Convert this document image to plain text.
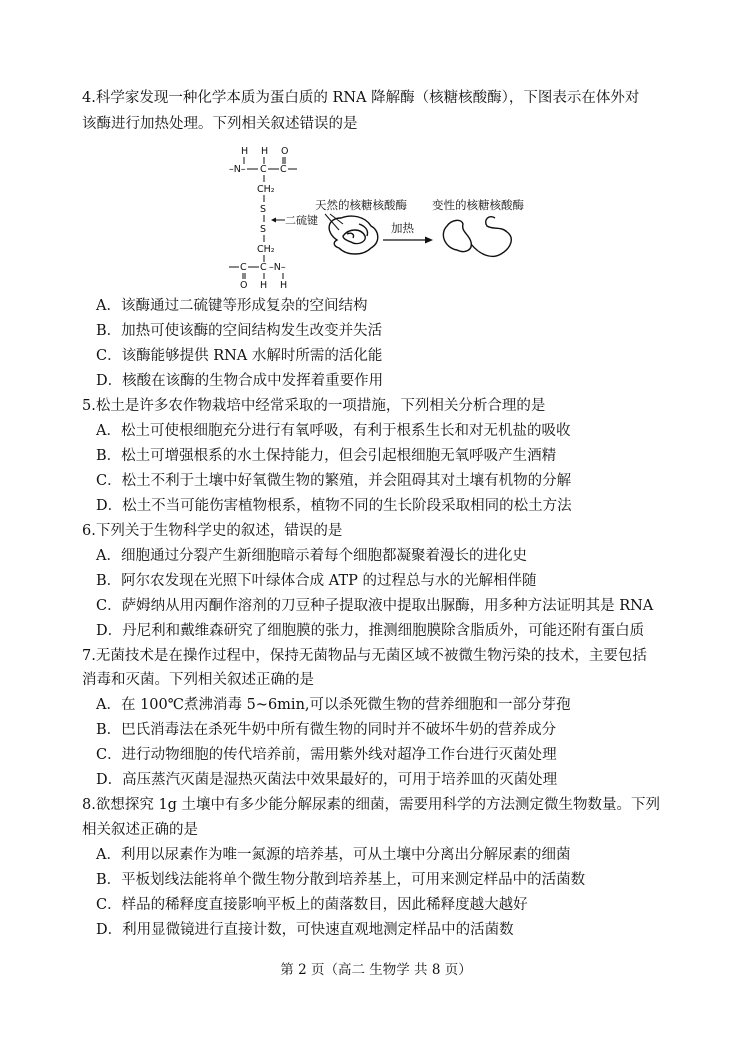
4.科学家发现一种化学本质为蛋白质的 RNA 降解酶（核糖核酸酶），下图表示在体外对
该酶进行加热处理。下列相关叙述错误的是
H H O
–N– C C
CH₂
S
S
CH₂
C C –N–
O H H
二硫键
天然的核糖核酸酶
加热
变性的核糖核酸酶
A．该酶通过二硫键等形成复杂的空间结构
B．加热可使该酶的空间结构发生改变并失活
C．该酶能够提供 RNA 水解时所需的活化能
D．核酸在该酶的生物合成中发挥着重要作用
5.松土是许多农作物栽培中经常采取的一项措施，下列相关分析合理的是
A．松土可使根细胞充分进行有氧呼吸，有利于根系生长和对无机盐的吸收
B．松土可增强根系的水土保持能力，但会引起根细胞无氧呼吸产生酒精
C．松土不利于土壤中好氧微生物的繁殖，并会阻碍其对土壤有机物的分解
D．松土不当可能伤害植物根系，植物不同的生长阶段采取相同的松土方法
6.下列关于生物科学史的叙述，错误的是
A．细胞通过分裂产生新细胞暗示着每个细胞都凝聚着漫长的进化史
B．阿尔农发现在光照下叶绿体合成 ATP 的过程总与水的光解相伴随
C．萨姆纳从用丙酮作溶剂的刀豆种子提取液中提取出脲酶，用多种方法证明其是 RNA
D．丹尼利和戴维森研究了细胞膜的张力，推测细胞膜除含脂质外，可能还附有蛋白质
7.无菌技术是在操作过程中，保持无菌物品与无菌区域不被微生物污染的技术，主要包括
消毒和灭菌。下列相关叙述正确的是
A．在 100℃煮沸消毒 5~6min,可以杀死微生物的营养细胞和一部分芽孢
B．巴氏消毒法在杀死牛奶中所有微生物的同时并不破坏牛奶的营养成分
C．进行动物细胞的传代培养前，需用紫外线对超净工作台进行灭菌处理
D．高压蒸汽灭菌是湿热灭菌法中效果最好的，可用于培养皿的灭菌处理
8.欲想探究 1g 土壤中有多少能分解尿素的细菌，需要用科学的方法测定微生物数量。下列
相关叙述正确的是
A．利用以尿素作为唯一氮源的培养基，可从土壤中分离出分解尿素的细菌
B．平板划线法能将单个微生物分散到培养基上，可用来测定样品中的活菌数
C．样品的稀释度直接影响平板上的菌落数目，因此稀释度越大越好
D．利用显微镜进行直接计数，可快速直观地测定样品中的活菌数
第 2 页（高二 生物学 共 8 页）
